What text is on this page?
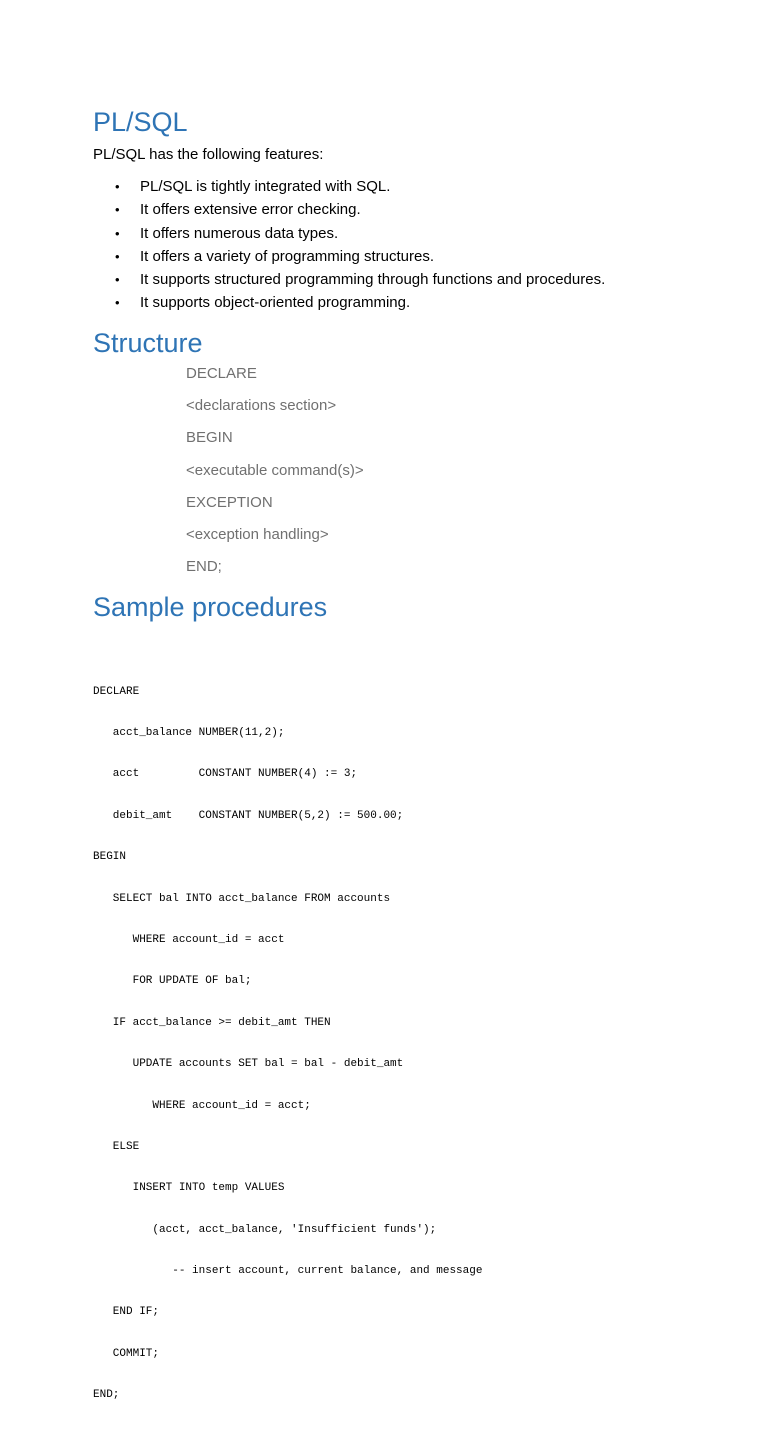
PL/SQL

PL/SQL has the following features:

• PL/SQL is tightly integrated with SQL.
• It offers extensive error checking.
• It offers numerous data types.
• It offers a variety of programming structures.
• It supports structured programming through functions and procedures.
• It supports object-oriented programming.
Structure
DECLARE
<declarations section>
BEGIN
<executable command(s)>
EXCEPTION
<exception handling>
END;
Sample procedures

DECLARE

acct_balance NUMBER(11,2);

acct         CONSTANT NUMBER(4) := 3;

debit_amt    CONSTANT NUMBER(5,2) := 500.00;

BEGIN

SELECT bal INTO acct_balance FROM accounts

WHERE account_id = acct

FOR UPDATE OF bal;

IF acct_balance >= debit_amt THEN

UPDATE accounts SET bal = bal - debit_amt

WHERE account_id = acct;

ELSE

INSERT INTO temp VALUES

(acct, acct_balance, 'Insufficient funds');

-- insert account, current balance, and message

END IF;

COMMIT;

END;
